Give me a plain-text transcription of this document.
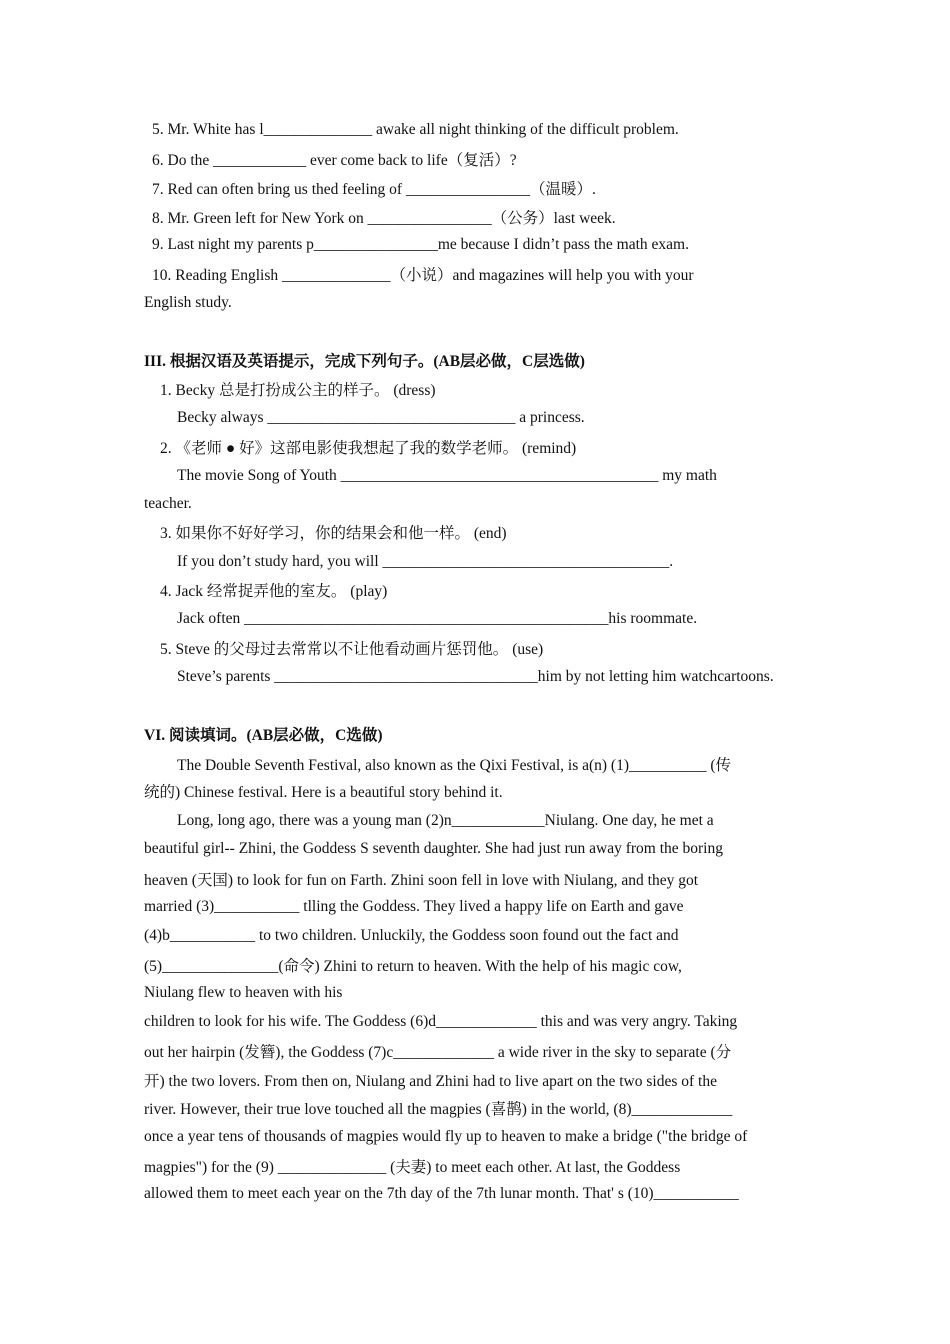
5. Mr. White has l______________ awake all night thinking of the difficult problem.
6. Do the ____________ ever come back to life（复活）?
7. Red can often bring us thed feeling of ________________（温暖）.
8. Mr. Green left for New York on ________________（公务）last week.
9. Last night my parents p________________me because I didn’t pass the math exam.
10. Reading English ______________（小说）and magazines will help you with your
English study.
III. 根据汉语及英语提示，完成下列句子。(AB层必做，C层选做)
1. Becky 总是打扮成公主的样子。 (dress)
Becky always ________________________________ a princess.
2. 《老师 ● 好》这部电影使我想起了我的数学老师。 (remind)
The movie Song of Youth _________________________________________ my math
teacher.
3. 如果你不好好学习，你的结果会和他一样。 (end)
If you don’t study hard, you will _____________________________________.
4. Jack 经常捉弄他的室友。 (play)
Jack often _______________________________________________his roommate.
5. Steve 的父母过去常常以不让他看动画片惩罚他。 (use)
Steve’s parents __________________________________him by not letting him watchcartoons.
VI. 阅读填词。(AB层必做，C选做)
The Double Seventh Festival, also known as the Qixi Festival, is a(n) (1)__________ (传
统的) Chinese festival. Here is a beautiful story behind it.
Long, long ago, there was a young man (2)n____________Niulang. One day, he met a
beautiful girl-- Zhini, the Goddess S seventh daughter. She had just run away from the boring
heaven (天国) to look for fun on Farth. Zhini soon fell in love with Niulang, and they got
married (3)___________ tlling the Goddess. They lived a happy life on Earth and gave
(4)b___________ to two children. Unluckily, the Goddess soon found out the fact and
(5)_______________(命令) Zhini to return to heaven. With the help of his magic cow,
Niulang flew to heaven with his
children to look for his wife. The Goddess (6)d_____________ this and was very angry. Taking
out her hairpin (发簪), the Goddess (7)c_____________ a wide river in the sky to separate (分
开) the two lovers. From then on, Niulang and Zhini had to live apart on the two sides of the
river. However, their true love touched all the magpies (喜鹊) in the world, (8)_____________
once a year tens of thousands of magpies would fly up to heaven to make a bridge ("the bridge of
magpies") for the (9) ______________ (夫妻) to meet each other. At last, the Goddess
allowed them to meet each year on the 7th day of the 7th lunar month. That' s (10)___________
